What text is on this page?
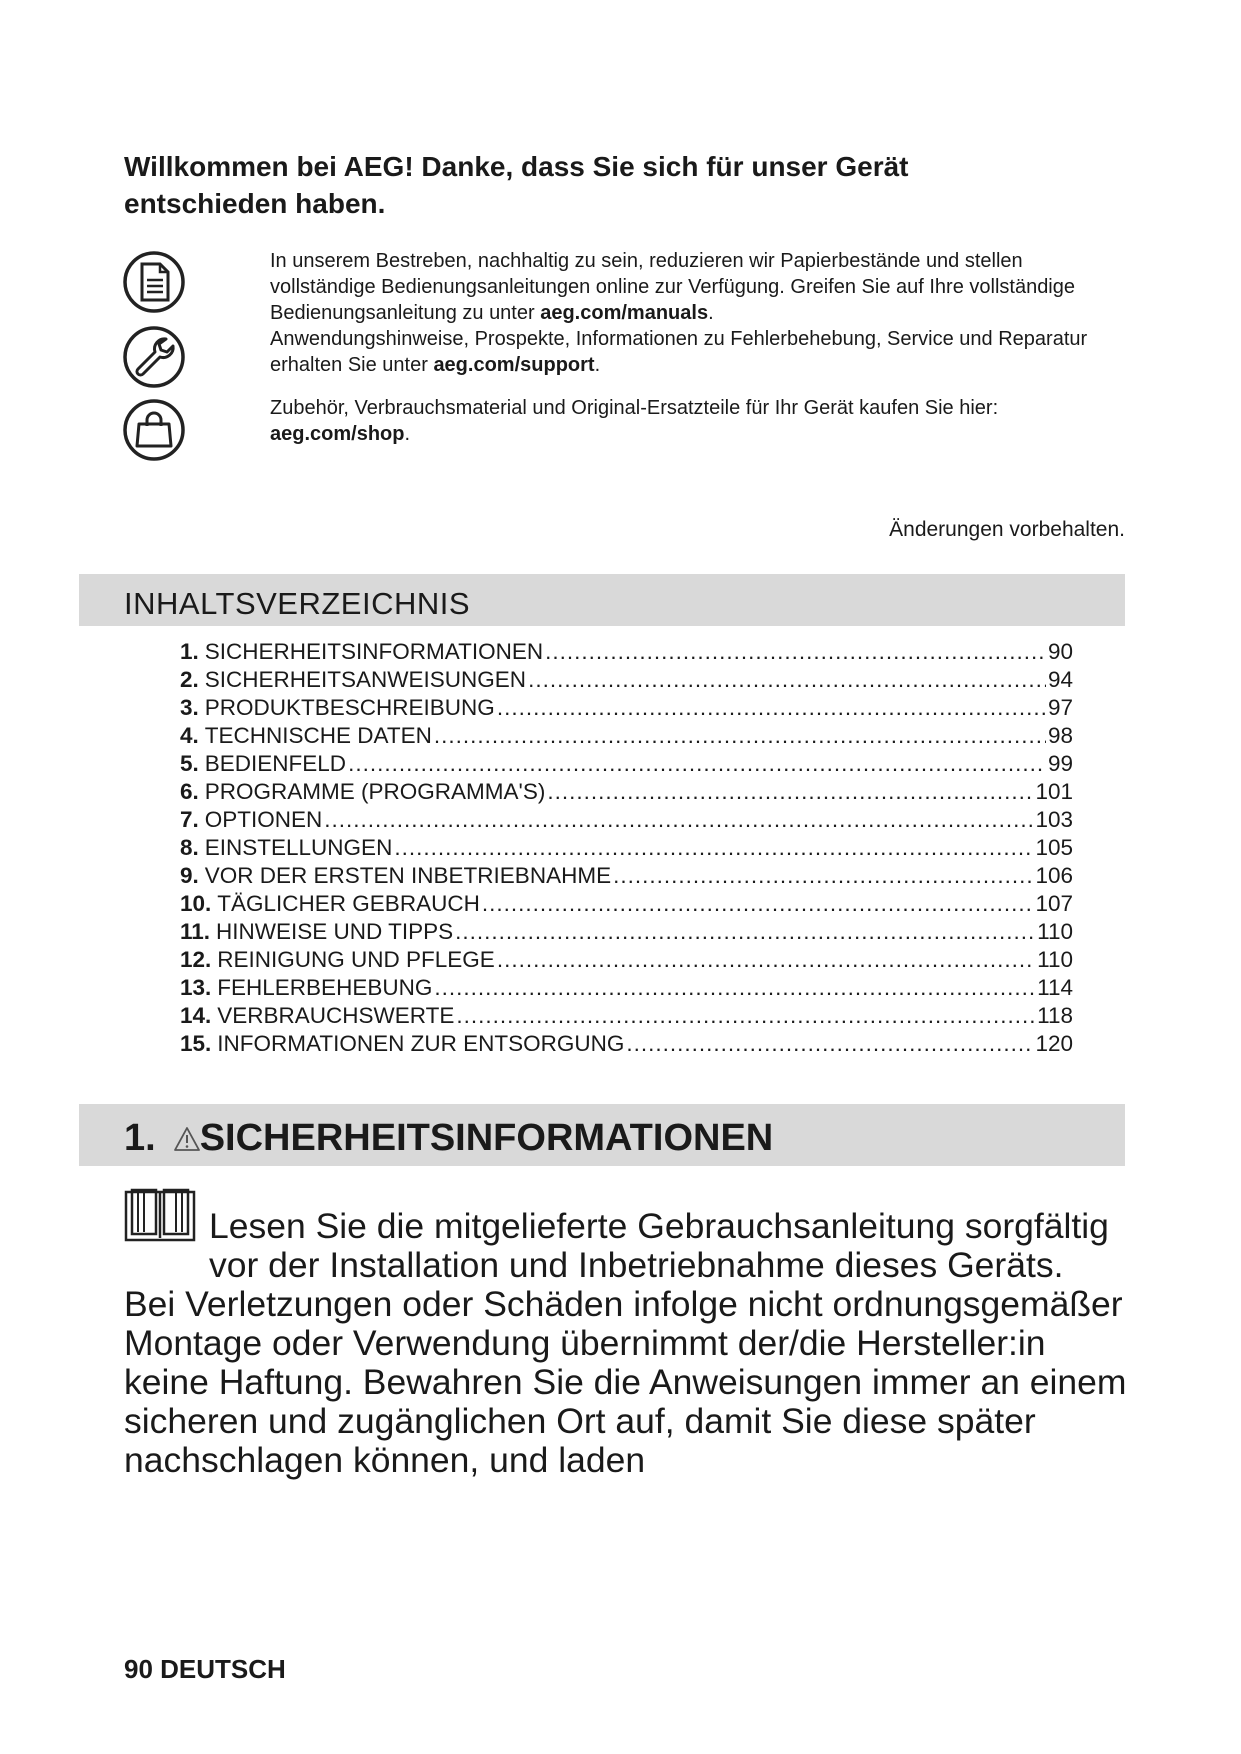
Willkommen bei AEG! Danke, dass Sie sich für unser Gerät
entschieden haben.

In unserem Bestreben, nachhaltig zu sein, reduzieren wir Papierbestände und stellen vollständige Bedienungsanleitungen online zur Verfügung. Greifen Sie auf Ihre vollständige Bedienungsanleitung zu unter aeg.com/manuals.

Anwendungshinweise, Prospekte, Informationen zu Fehlerbehebung, Service und Reparatur erhalten Sie unter aeg.com/support.

Zubehör, Verbrauchsmaterial und Original-Ersatzteile für Ihr Gerät kaufen Sie hier: aeg.com/shop.

Änderungen vorbehalten.
INHALTSVERZEICHNIS
1. SICHERHEITSINFORMATIONEN .....	90
2. SICHERHEITSANWEISUNGEN .....	94
3. PRODUKTBESCHREIBUNG .....	97
4. TECHNISCHE DATEN .....	98
5. BEDIENFELD .....	99
6. PROGRAMME (PROGRAMMA'S) .....	101
7. OPTIONEN .....	103
8. EINSTELLUNGEN .....	105
9. VOR DER ERSTEN INBETRIEBNAHME .....	106
10. TÄGLICHER GEBRAUCH .....	107
11. HINWEISE UND TIPPS .....	110
12. REINIGUNG UND PFLEGE .....	110
13. FEHLERBEHEBUNG .....	114
14. VERBRAUCHSWERTE .....	118
15. INFORMATIONEN ZUR ENTSORGUNG .....	120
1. SICHERHEITSINFORMATIONEN

Lesen Sie die mitgelieferte Gebrauchsanleitung sorgfältig vor der Installation und Inbetriebnahme dieses Geräts.

Bei Verletzungen oder Schäden infolge nicht ordnungsgemäßer Montage oder Verwendung übernimmt der/die Hersteller:in keine Haftung. Bewahren Sie die Anweisungen immer an einem sicheren und zugänglichen Ort auf, damit Sie diese später nachschlagen können, und laden

90 DEUTSCH
